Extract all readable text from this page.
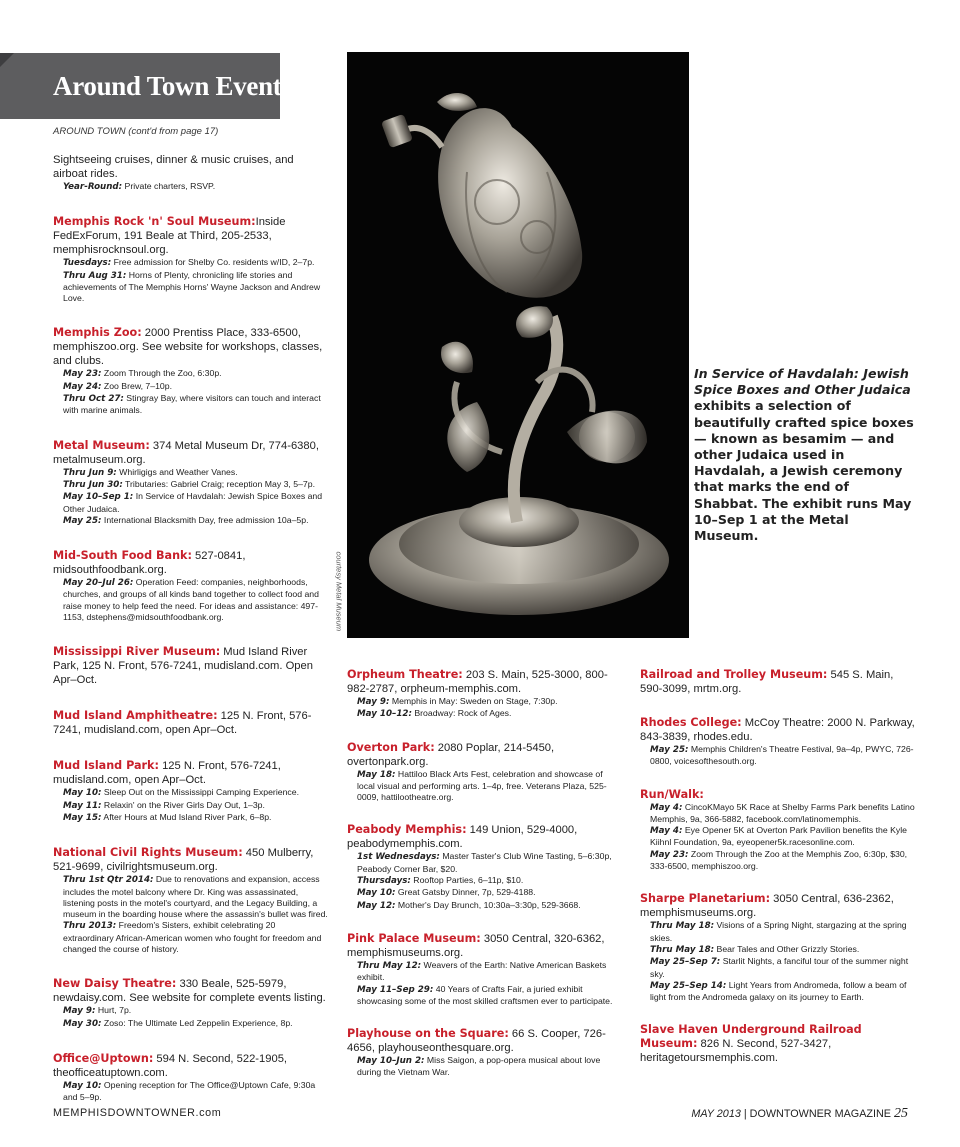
Around Town Events
courtesy Metal Museum
In Service of Havdalah: Jewish Spice Boxes and Other Judaica exhibits a selection of beautifully crafted spice boxes — known as besamim — and other Judaica used in Havdalah, a Jewish ceremony that marks the end of Shabbat. The exhibit runs May 10–Sep 1 at the Metal Museum.
AROUND TOWN (cont'd from page 17)
Sightseeing cruises, dinner & music cruises, and airboat rides.
Year-Round: Private charters, RSVP.
Memphis Rock 'n' Soul Museum:Inside FedExForum, 191 Beale at Third, 205-2533, memphisrocknsoul.org.
Tuesdays: Free admission for Shelby Co. residents w/ID, 2–7p.
Thru Aug 31: Horns of Plenty, chronicling life stories and achievements of The Memphis Horns' Wayne Jackson and Andrew Love.
Memphis Zoo: 2000 Prentiss Place, 333-6500, memphiszoo.org. See website for workshops, classes, and clubs.
May 23: Zoom Through the Zoo, 6:30p.
May 24: Zoo Brew, 7–10p.
Thru Oct 27: Stingray Bay, where visitors can touch and interact with marine animals.
Metal Museum: 374 Metal Museum Dr, 774-6380, metalmuseum.org.
Thru Jun 9: Whirligigs and Weather Vanes.
Thru Jun 30: Tributaries: Gabriel Craig; reception May 3, 5–7p.
May 10–Sep 1: In Service of Havdalah: Jewish Spice Boxes and Other Judaica.
May 25: International Blacksmith Day, free admission 10a–5p.
Mid-South Food Bank: 527-0841, midsouthfoodbank.org.
May 20–Jul 26: Operation Feed: companies, neighborhoods, churches, and groups of all kinds band together to collect food and raise money to help feed the need. For ideas and assistance: 497-1153, dstephens@midsouthfoodbank.org.
Mississippi River Museum: Mud Island River Park, 125 N. Front, 576-7241, mudisland.com. Open Apr–Oct.
Mud Island Amphitheatre: 125 N. Front, 576-7241, mudisland.com, open Apr–Oct.
Mud Island Park: 125 N. Front, 576-7241, mudisland.com, open Apr–Oct.
May 10: Sleep Out on the Mississippi Camping Experience.
May 11: Relaxin' on the River Girls Day Out, 1–3p.
May 15: After Hours at Mud Island River Park, 6–8p.
National Civil Rights Museum: 450 Mulberry, 521-9699, civilrightsmuseum.org.
Thru 1st Qtr 2014: Due to renovations and expansion, access includes the motel balcony where Dr. King was assassinated, listening posts in the motel's courtyard, and the Legacy Building, a museum in the boarding house where the assassin's bullet was fired.
Thru 2013: Freedom's Sisters, exhibit celebrating 20 extraordinary African-American women who fought for freedom and changed the course of history.
New Daisy Theatre: 330 Beale, 525-5979, newdaisy.com. See website for complete events listing.
May 9: Hurt, 7p.
May 30: Zoso: The Ultimate Led Zeppelin Experience, 8p.
Office@Uptown: 594 N. Second, 522-1905, theofficeatuptown.com.
May 10: Opening reception for The Office@Uptown Cafe, 9:30a and 5–9p.
Orpheum Theatre: 203 S. Main, 525-3000, 800-982-2787, orpheum-memphis.com.
May 9: Memphis in May: Sweden on Stage, 7:30p.
May 10–12: Broadway: Rock of Ages.
Overton Park: 2080 Poplar, 214-5450, overtonpark.org.
May 18: Hattiloo Black Arts Fest, celebration and showcase of local visual and performing arts. 1–4p, free. Veterans Plaza, 525-0009, hattilootheatre.org.
Peabody Memphis: 149 Union, 529-4000, peabodymemphis.com.
1st Wednesdays: Master Taster's Club Wine Tasting, 5–6:30p, Peabody Corner Bar, $20.
Thursdays: Rooftop Parties, 6–11p, $10.
May 10: Great Gatsby Dinner, 7p, 529-4188.
May 12: Mother's Day Brunch, 10:30a–3:30p, 529-3668.
Pink Palace Museum: 3050 Central, 320-6362, memphismuseums.org.
Thru May 12: Weavers of the Earth: Native American Baskets exhibit.
May 11–Sep 29: 40 Years of Crafts Fair, a juried exhibit showcasing some of the most skilled craftsmen ever to participate.
Playhouse on the Square: 66 S. Cooper, 726-4656, playhouseonthesquare.org.
May 10–Jun 2: Miss Saigon, a pop-opera musical about love during the Vietnam War.
Railroad and Trolley Museum: 545 S. Main, 590-3099, mrtm.org.
Rhodes College: McCoy Theatre: 2000 N. Parkway, 843-3839, rhodes.edu.
May 25: Memphis Children's Theatre Festival, 9a–4p, PWYC, 726-0800, voicesofthesouth.org.
Run/Walk:
May 4: CincoKMayo 5K Race at Shelby Farms Park benefits Latino Memphis, 9a, 366-5882, facebook.com/latinomemphis.
May 4: Eye Opener 5K at Overton Park Pavilion benefits the Kyle Kiihnl Foundation, 9a, eyeopener5k.racesonline.com.
May 23: Zoom Through the Zoo at the Memphis Zoo, 6:30p, $30, 333-6500, memphiszoo.org.
Sharpe Planetarium: 3050 Central, 636-2362, memphismuseums.org.
Thru May 18: Visions of a Spring Night, stargazing at the spring skies.
Thru May 18: Bear Tales and Other Grizzly Stories.
May 25–Sep 7: Starlit Nights, a fanciful tour of the summer night sky.
May 25–Sep 14: Light Years from Andromeda, follow a beam of light from the Andromeda galaxy on its journey to Earth.
Slave Haven Underground Railroad Museum: 826 N. Second, 527-3427, heritagetoursmemphis.com.
MEMPHISDOWNTOWNER.com	MAY 2013 | DOWNTOWNER MAGAZINE 25
